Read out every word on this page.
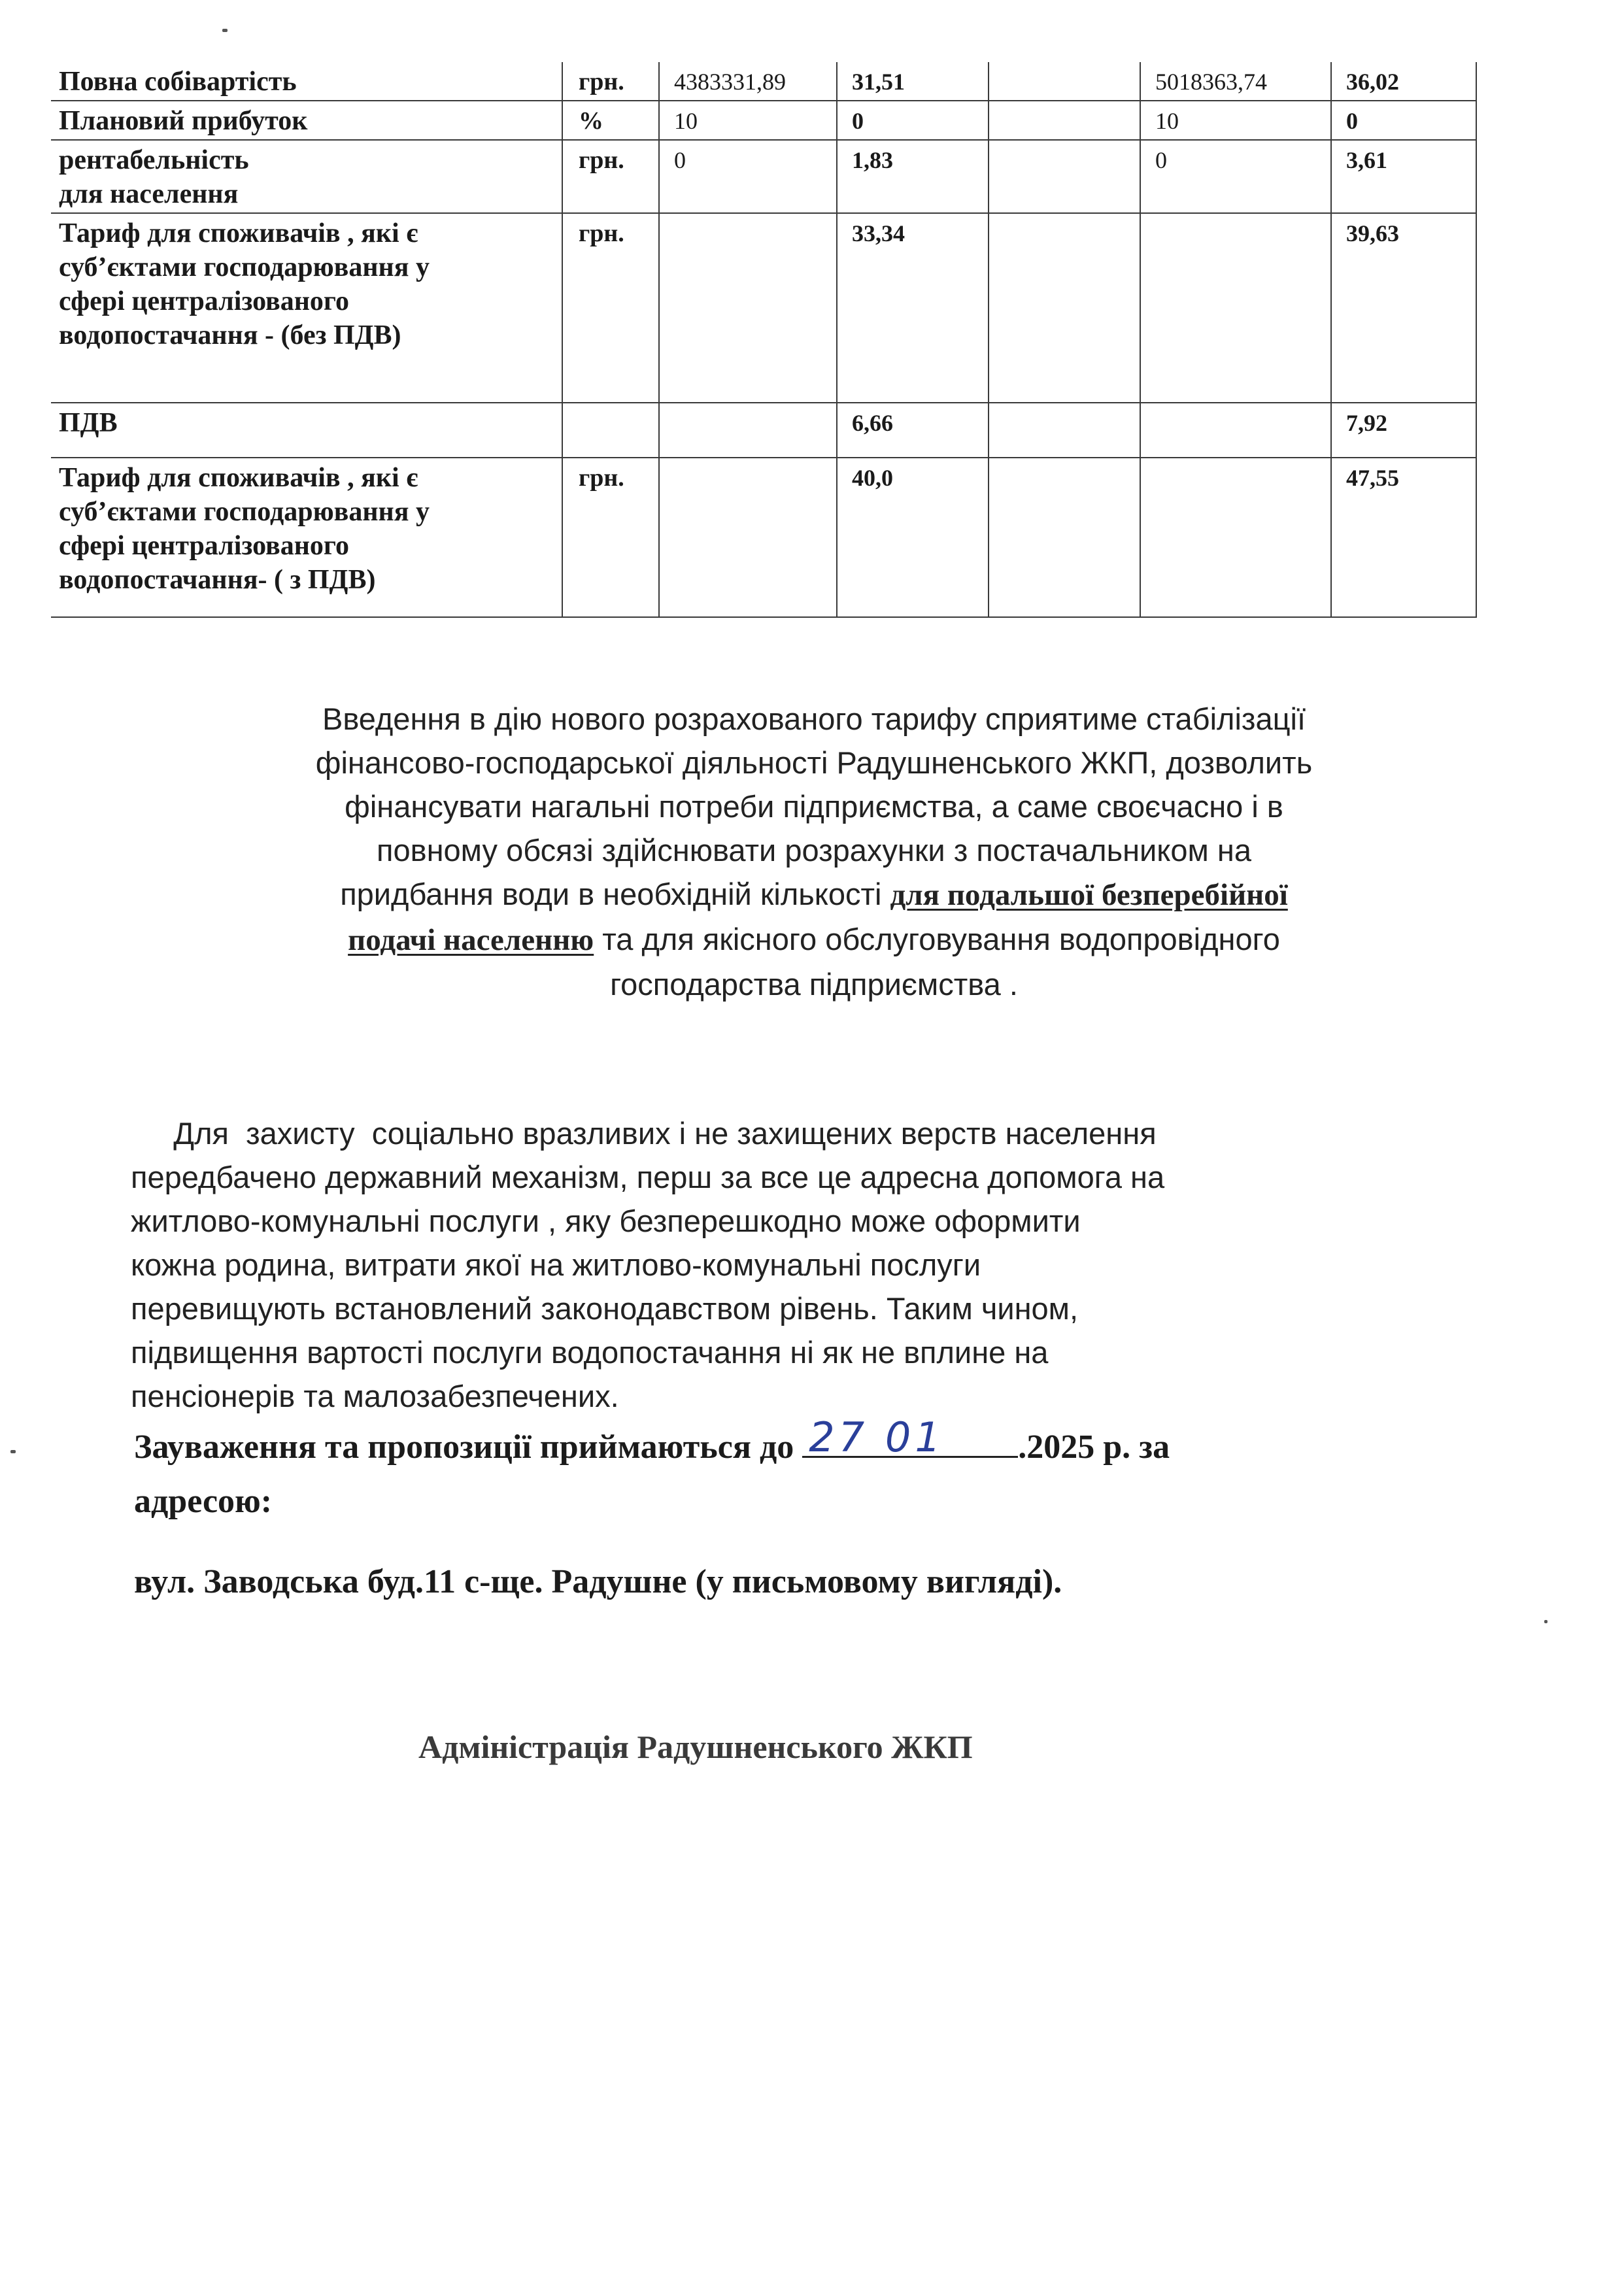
Повна собівартість	грн.	4383331,89	31,51		5018363,74	36,02
Плановий прибуток	%	10	0		10	0
рентабельність
для населення	грн.	0	1,83		0	3,61
Тариф для споживачів , які є
суб’єктами господарювання у
сфері централізованого
водопостачання - (без ПДВ)	грн.		33,34			39,63
ПДВ			6,66			7,92
Тариф для споживачів , які є
суб’єктами господарювання у
сфері централізованого
водопостачання- ( з ПДВ)	грн.		40,0			47,55
Введення в дію нового розрахованого тарифу сприятиме стабілізації
фінансово-господарської діяльності Радушненського ЖКП, дозволить
фінансувати нагальні потреби підприємства, а саме своєчасно і в
повному обсязі здійснювати розрахунки з постачальником на
придбання води в необхідній кількості для подальшої безперебійної
подачі населенню та для якісного обслуговування водопровідного
господарства підприємства .
Для  захисту  соціально вразливих і не захищених верств населення
передбачено державний механізм, перш за все це адресна допомога на
житлово-комунальні послуги , яку безперешкодно може оформити
кожна родина, витрати якої на житлово-комунальні послуги
перевищують встановлений законодавством рівень. Таким чином,
підвищення вартості послуги водопостачання ні як не вплине на
пенсіонерів та малозабезпечених.
Зауваження та пропозиції приймаються до 27 01 .2025 р. за
адресою:
вул. Заводська буд.11 с-ще. Радушне (у письмовому вигляді).
Адміністрація Радушненського ЖКП
